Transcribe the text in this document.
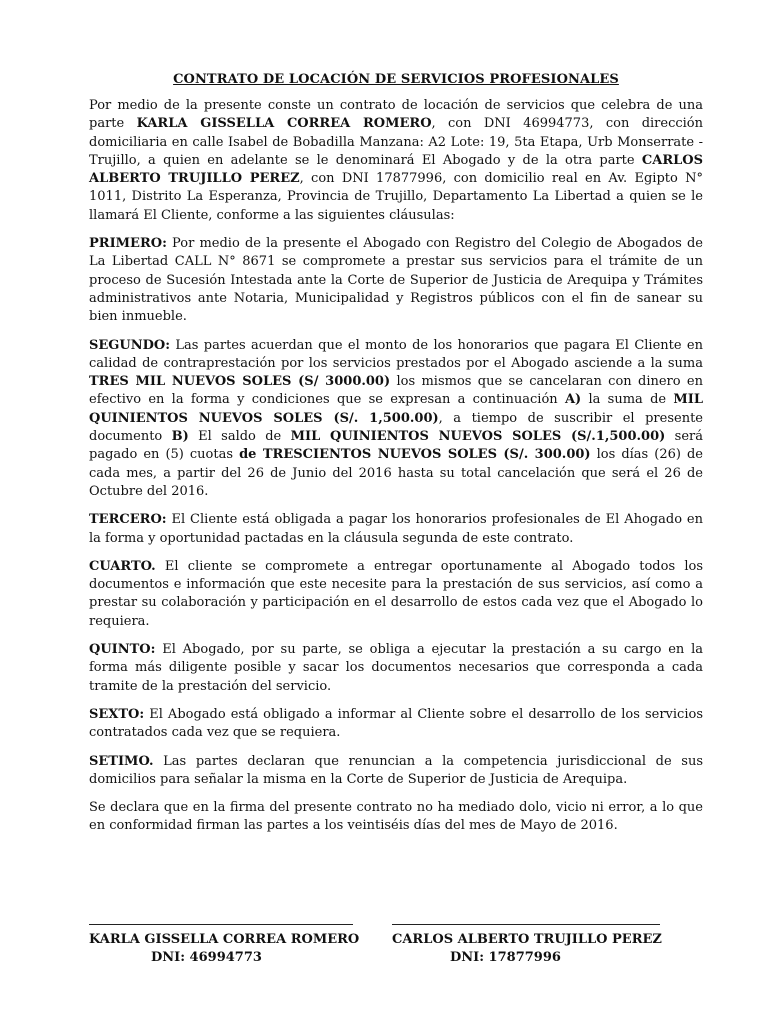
CONTRATO DE LOCACIÓN DE SERVICIOS PROFESIONALES

Por medio de la presente conste un contrato de locación de servicios que celebra de una parte KARLA GISSELLA CORREA ROMERO, con DNI 46994773, con dirección domiciliaria en calle Isabel de Bobadilla Manzana: A2 Lote: 19, 5ta Etapa, Urb Monserrate - Trujillo, a quien en adelante se le denominará El Abogado y de la otra parte CARLOS ALBERTO TRUJILLO PEREZ, con DNI 17877996, con domicilio real en Av. Egipto N° 1011, Distrito La Esperanza, Provincia de Trujillo, Departamento La Libertad a quien se le llamará El Cliente, conforme a las siguientes cláusulas:

PRIMERO: Por medio de la presente el Abogado con Registro del Colegio de Abogados de La Libertad CALL N° 8671 se compromete a prestar sus servicios para el trámite de un proceso de Sucesión Intestada ante la Corte de Superior de Justicia de Arequipa y Trámites administrativos ante Notaria, Municipalidad y Registros públicos con el fin de sanear su bien inmueble.

SEGUNDO: Las partes acuerdan que el monto de los honorarios que pagara El Cliente en calidad de contraprestación por los servicios prestados por el Abogado asciende a la suma TRES MIL NUEVOS SOLES (S/ 3000.00) los mismos que se cancelaran con dinero en efectivo en la forma y condiciones que se expresan a continuación A) la suma de MIL QUINIENTOS NUEVOS SOLES (S/. 1,500.00), a tiempo de suscribir el presente documento B) El saldo de MIL QUINIENTOS NUEVOS SOLES (S/.1,500.00) será pagado en (5) cuotas de TRESCIENTOS NUEVOS SOLES (S/. 300.00) los días (26) de cada mes, a partir del 26 de Junio del 2016 hasta su total cancelación que será el 26 de Octubre del 2016.

TERCERO: El Cliente está obligada a pagar los honorarios profesionales de El Ahogado en la forma y oportunidad pactadas en la cláusula segunda de este contrato.

CUARTO. El cliente se compromete a entregar oportunamente al Abogado todos los documentos e información que este necesite para la prestación de sus servicios, así como a prestar su colaboración y participación en el desarrollo de estos cada vez que el Abogado lo requiera.

QUINTO: El Abogado, por su parte, se obliga a ejecutar la prestación a su cargo en la forma más diligente posible y sacar los documentos necesarios que corresponda a cada tramite de la prestación del servicio.

SEXTO: El Abogado está obligado a informar al Cliente sobre el desarrollo de los servicios contratados cada vez que se requiera.

SETIMO. Las partes declaran que renuncian a la competencia jurisdiccional de sus domicilios para señalar la misma en la Corte de Superior de Justicia de Arequipa.

Se declara que en la firma del presente contrato no ha mediado dolo, vicio ni error, a lo que en conformidad firman las partes a los veintiséis días del mes de Mayo de 2016.

KARLA GISSELLA CORREA ROMERO
DNI: 46994773
CARLOS ALBERTO TRUJILLO PEREZ
DNI: 17877996
